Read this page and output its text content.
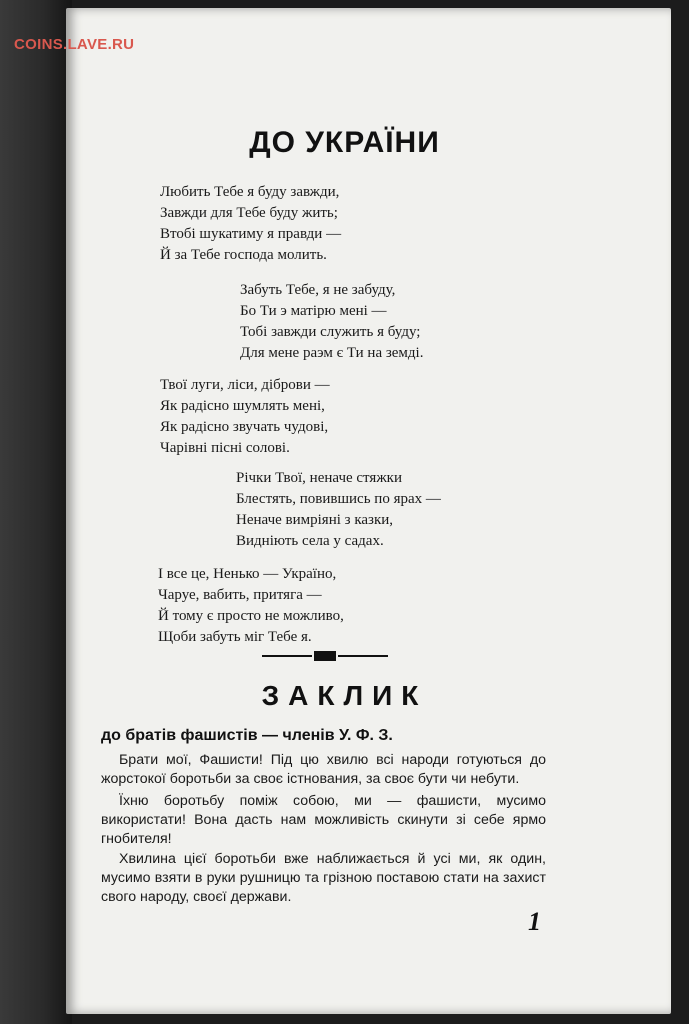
COINS.LAVE.RU
ДО УКРАЇНИ
Любить Тебе я буду завжди,
Завжди для Тебе буду жить;
Втобі шукатиму я правди —
Й за Тебе господа молить.
Забуть Тебе, я не забуду,
Бо Ти э матірю мені —
Тобі завжди служить я буду;
Для мене раэм є Ти на земді.
Твої луги, ліси, діброви —
Як радісно шумлять мені,
Як радісно звучать чудові,
Чарівні пісні солові.
Річки Твої, неначе стяжки
Блестять, повившись по ярах —
Неначе вимріяні з казки,
Видніють села у садах.
І все це, Ненько — Україно,
Чаруе, вабить, притяга —
Й тому є просто не можливо,
Щоби забуть міг Тебе я.
ЗАКЛИК
до братів фашистів — членів У. Ф. З.

Брати мої, Фашисти! Під цю хвилю всі народи готуються до жорстокої боротьби за своє істнования, за своє бути чи небути.

Їхню боротьбу поміж собою, ми — фашисти, мусимо використати! Вона дасть нам можливість скинути зі себе ярмо гнобителя!

Хвилина цієї боротьби вже наближається й усі ми, як один, мусимо взяти в руки рушницю та грізною поставою стати на захист свого народу, своєї держави.

1
